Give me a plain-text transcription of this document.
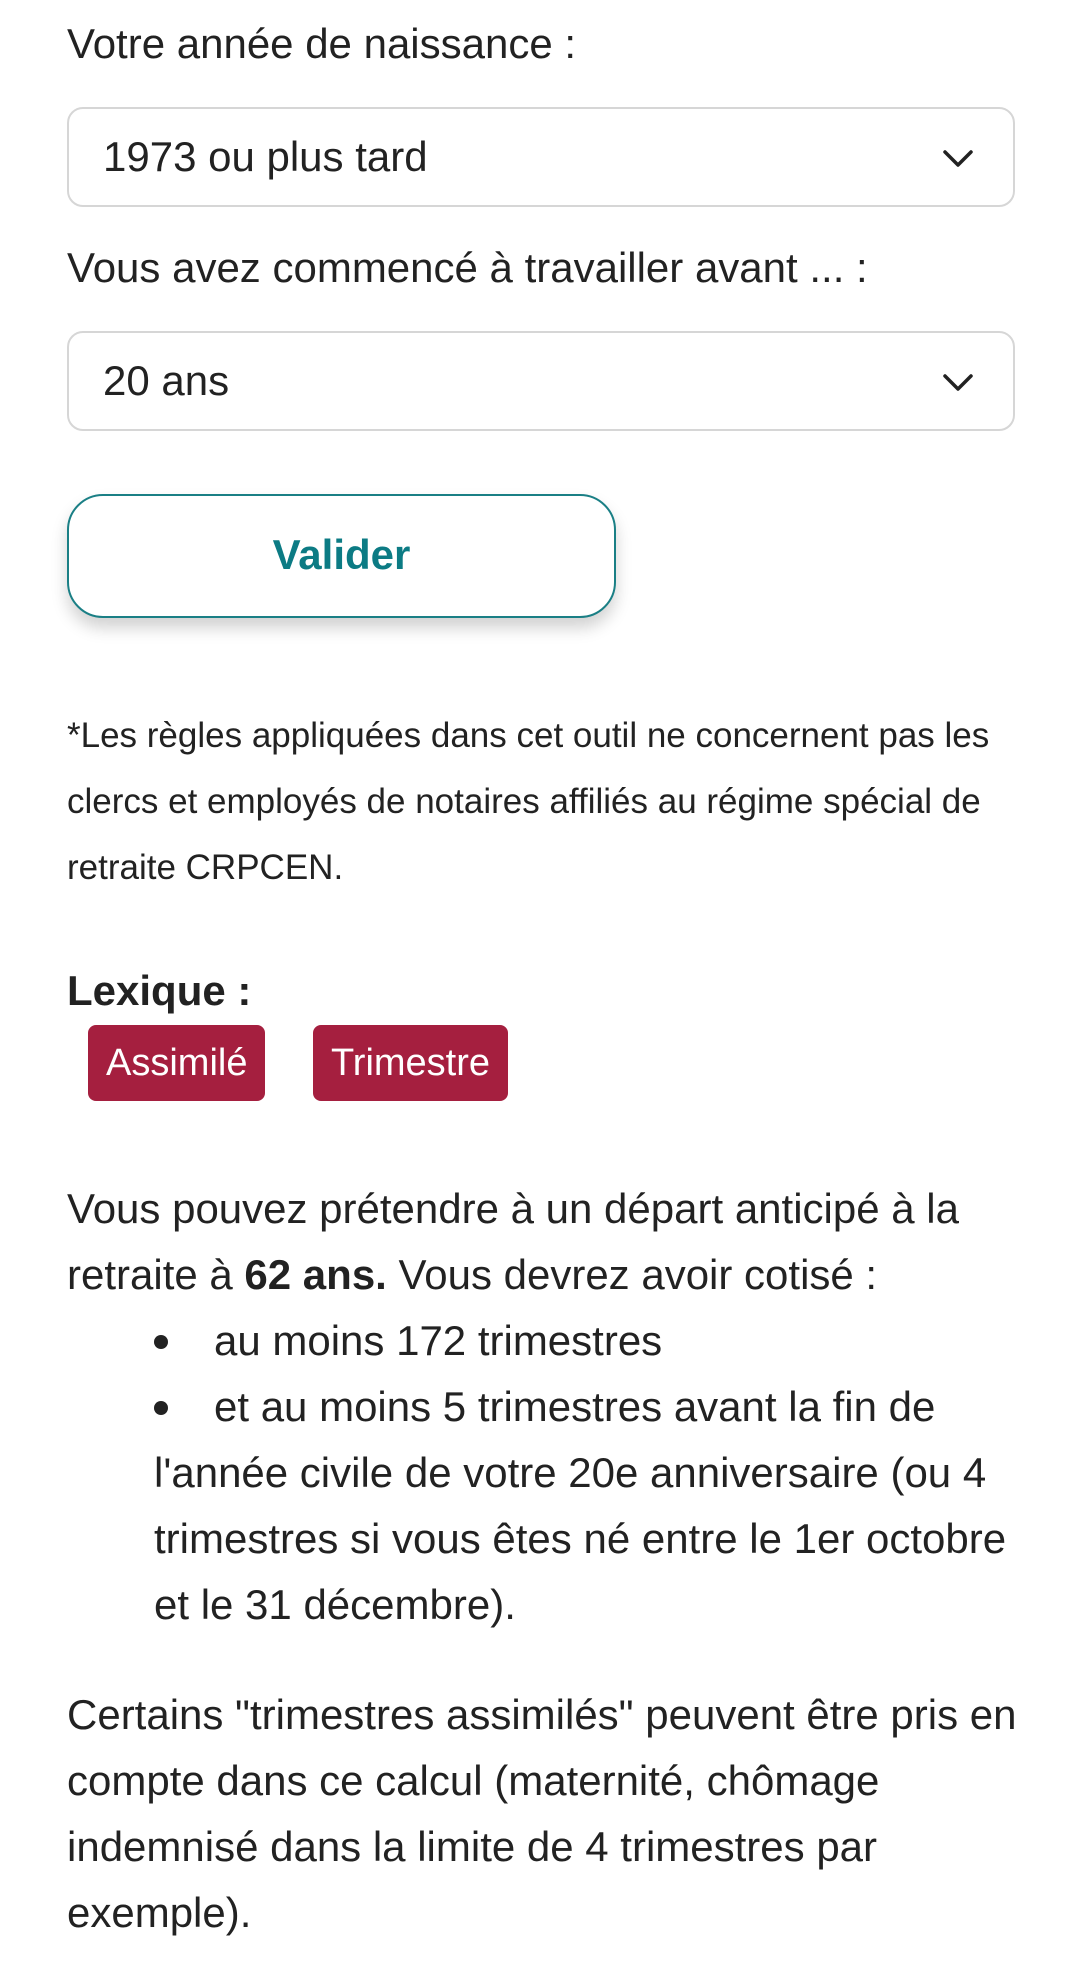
Votre année de naissance :
1973 ou plus tard
Vous avez commencé à travailler avant ... :
20 ans
Valider
*Les règles appliquées dans cet outil ne concernent pas les clercs et employés de notaires affiliés au régime spécial de retraite CRPCEN.
Lexique :
Assimilé	Trimestre
Vous pouvez prétendre à un départ anticipé à la retraite à 62 ans. Vous devrez avoir cotisé :
au moins 172 trimestres
et au moins 5 trimestres avant la fin de l'année civile de votre 20e anniversaire (ou 4 trimestres si vous êtes né entre le 1er octobre et le 31 décembre).
Certains "trimestres assimilés" peuvent être pris en compte dans ce calcul (maternité, chômage indemnisé dans la limite de 4 trimestres par exemple).
